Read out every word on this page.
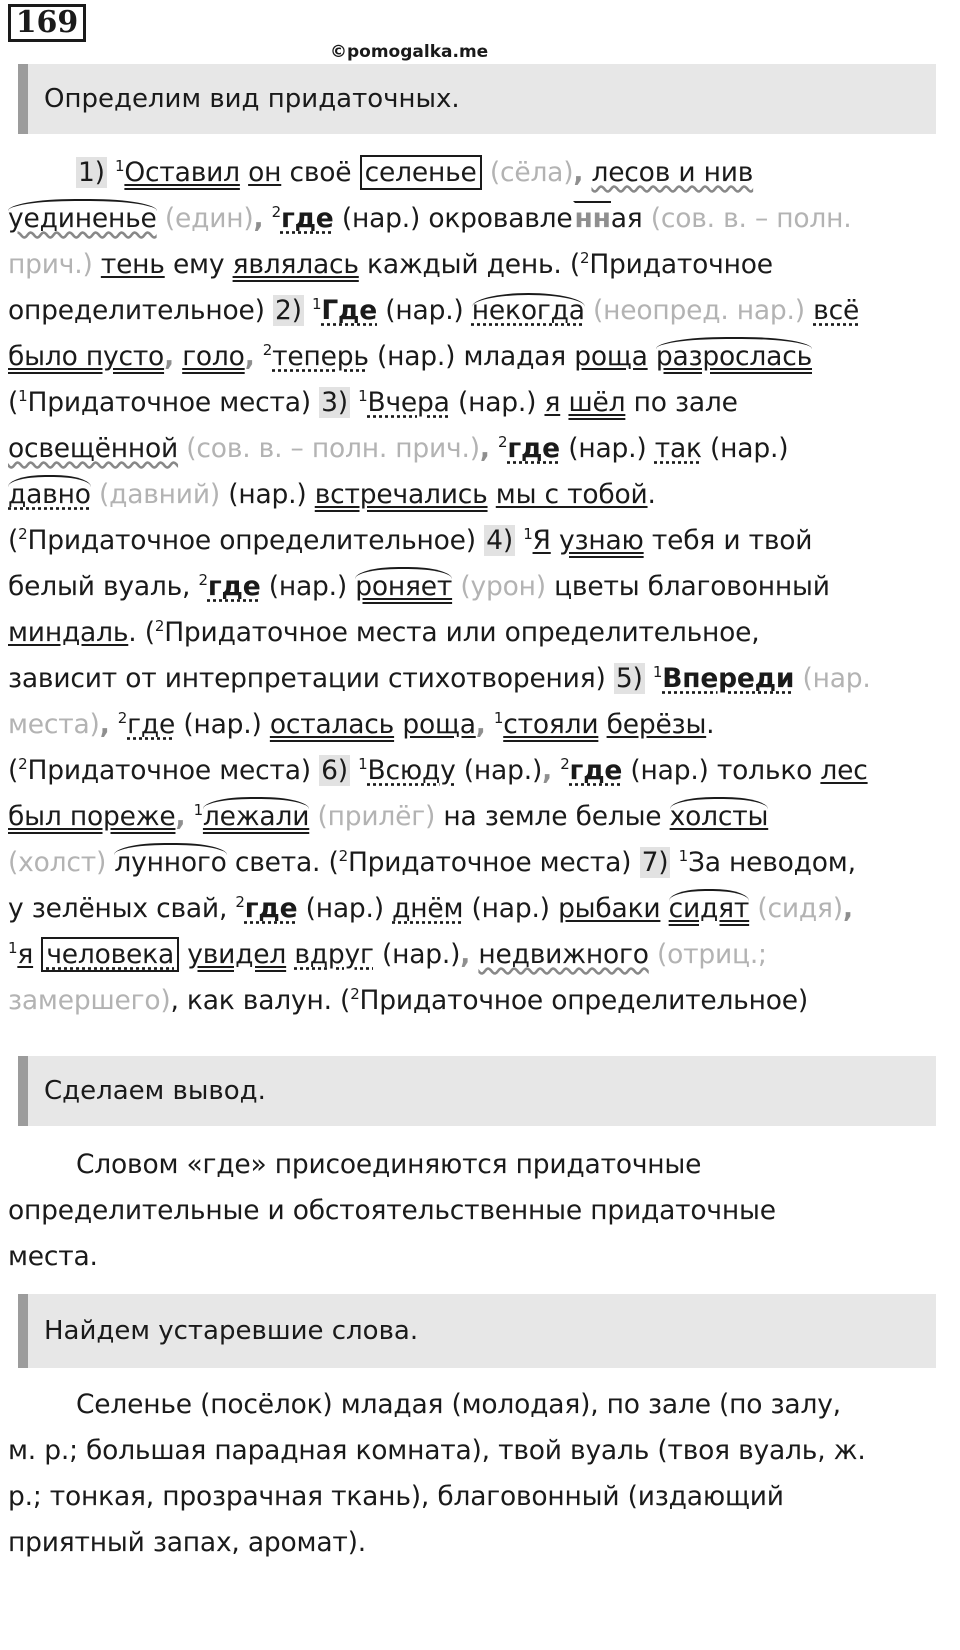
169
©pomogalka.me
Определим вид придаточных.
1) $^1$Оставил он своё селенье (сёла), лесов и нив
уединенье (един), $^2$где (нар.) окровавленная (сов. в. – полн.
прич.) тень ему являлась каждый день. ($^2$Придаточное
определительное) 2) $^1$Где (нар.) некогда (неопред. нар.) всё
было пусто, голо, $^2$теперь (нар.) младая роща разрослась
($^1$Придаточное места) 3) $^1$Вчера (нар.) я шёл по зале
освещённой (сов. в. – полн. прич.), $^2$где (нар.) так (нар.)
давно (давний) (нар.) встречались мы с тобой.
($^2$Придаточное определительное) 4) $^1$Я узнаю тебя и твой
белый вуаль, $^2$где (нар.) роняет (урон) цветы благовонный
миндаль. ($^2$Придаточное места или определительное,
зависит от интерпретации стихотворения) 5) $^1$Впереди (нар.
места), $^2$где (нар.) осталась роща, $^1$стояли берёзы.
($^2$Придаточное места) 6) $^1$Всюду (нар.), $^2$где (нар.) только лес
был пореже, $^1$лежали (прилёг) на земле белые холсты
(холст) лунного света. ($^2$Придаточное места) 7) $^1$За неводом,
у зелёных свай, $^2$где (нар.) днём (нар.) рыбаки сидят (сидя),
$^1$я человека увидел вдруг (нар.), недвижного (отриц.;
замершего), как валун. ($^2$Придаточное определительное)
Сделаем вывод.
Словом «где» присоединяются придаточные
определительные и обстоятельственные придаточные
места.
Найдем устаревшие слова.
Селенье (посёлок) младая (молодая), по зале (по залу,
м. р.; большая парадная комната), твой вуаль (твоя вуаль, ж.
р.; тонкая, прозрачная ткань), благовонный (издающий
приятный запах, аромат).
